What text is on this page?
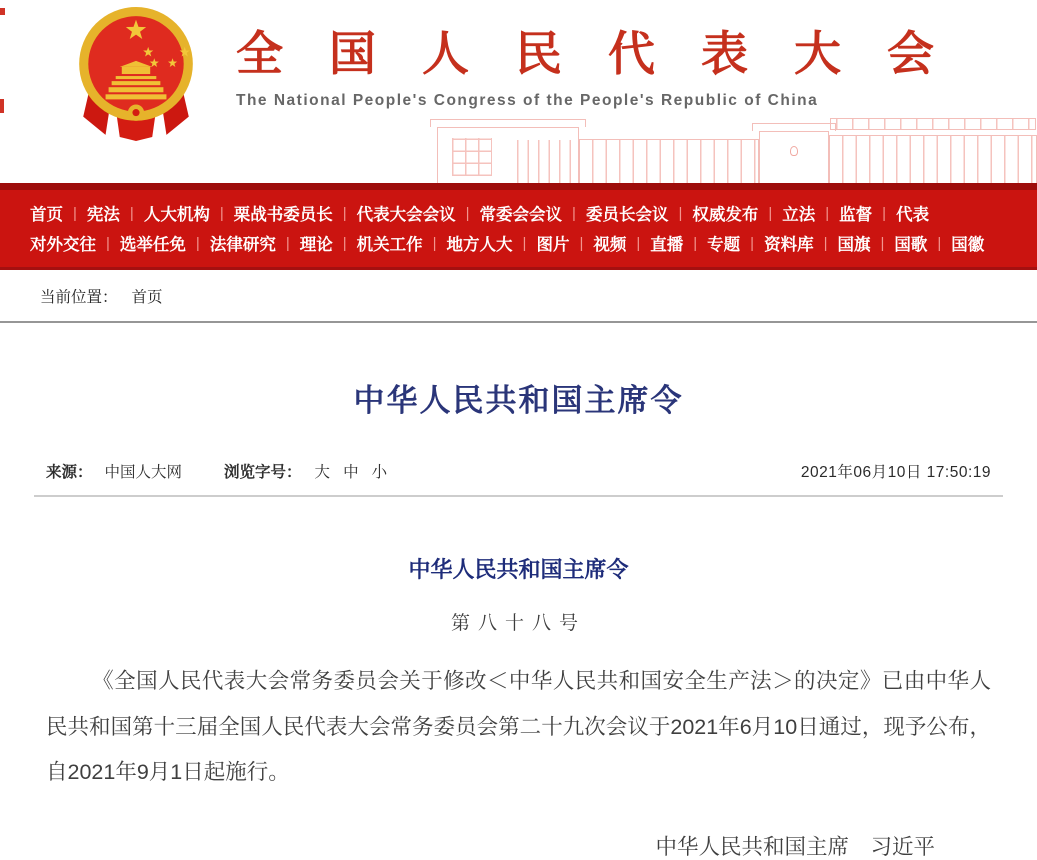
全国人民代表大会
The National People's Congress of the People's Republic of China
首页 | 宪法 | 人大机构 | 栗战书委员长 | 代表大会会议 | 常委会会议 | 委员长会议 | 权威发布 | 立法 | 监督 | 代表
对外交往 | 选举任免 | 法律研究 | 理论 | 机关工作 | 地方人大 | 图片 | 视频 | 直播 | 专题 | 资料库 | 国旗 | 国歌 | 国徽
当前位置： 首页
中华人民共和国主席令
来源： 中国人大网	浏览字号： 大 中 小	2021年06月10日 17:50:19
中华人民共和国主席令
第八十八号

《全国人民代表大会常务委员会关于修改＜中华人民共和国安全生产法＞的决定》已由中华人民共和国第十三届全国人民代表大会常务委员会第二十九次会议于2021年6月10日通过，现予公布，自2021年9月1日起施行。

中华人民共和国主席　习近平
